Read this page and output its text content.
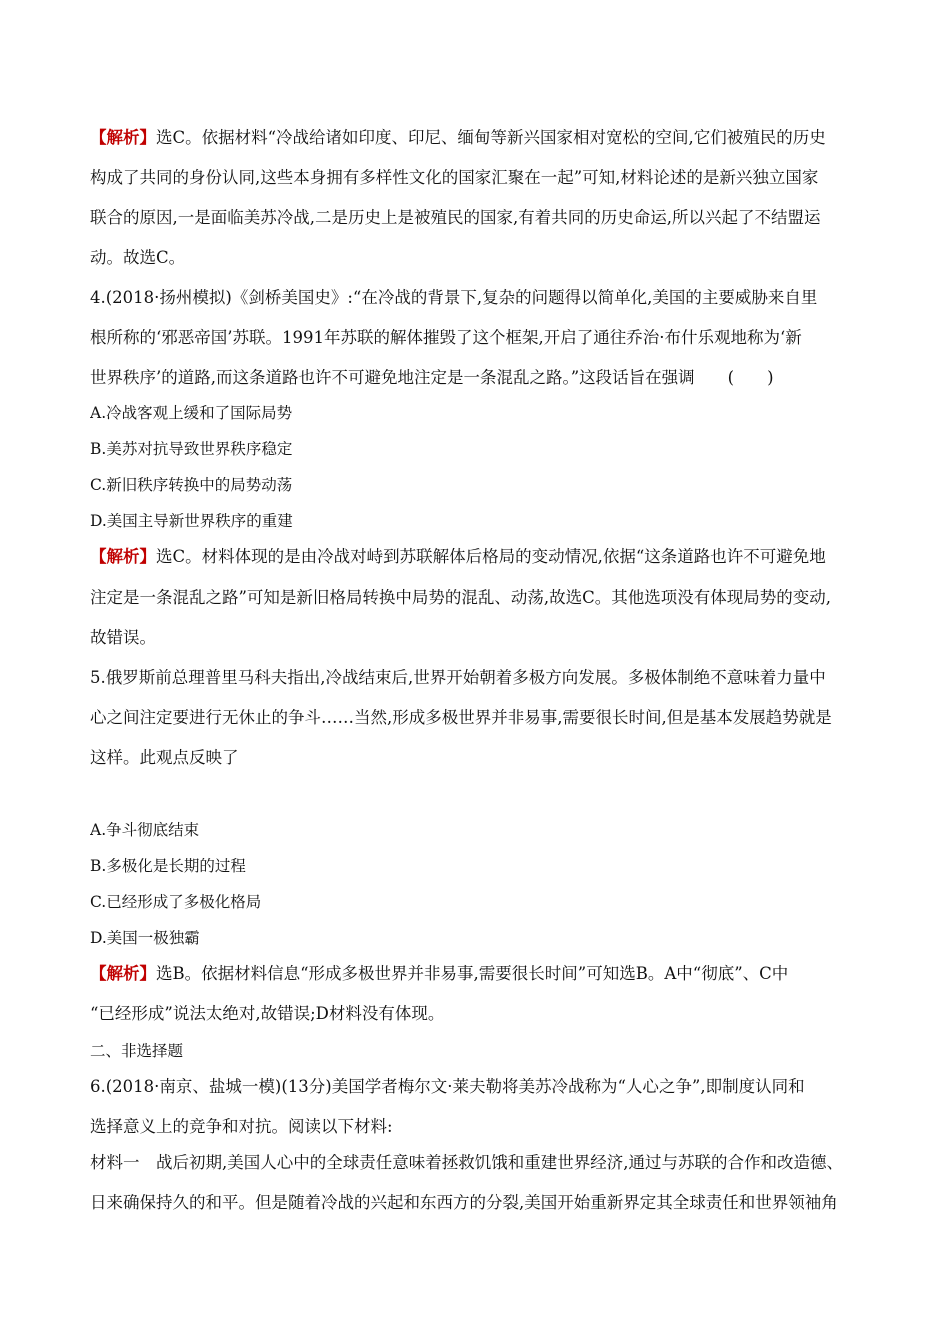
【解析】选C。依据材料“冷战给诸如印度、印尼、缅甸等新兴国家相对宽松的空间,它们被殖民的历史
构成了共同的身份认同,这些本身拥有多样性文化的国家汇聚在一起”可知,材料论述的是新兴独立国家
联合的原因,一是面临美苏冷战,二是历史上是被殖民的国家,有着共同的历史命运,所以兴起了不结盟运
动。故选C。
4.(2018·扬州模拟)《剑桥美国史》:“在冷战的背景下,复杂的问题得以简单化,美国的主要威胁来自里
根所称的‘邪恶帝国’苏联。1991年苏联的解体摧毁了这个框架,开启了通往乔治·布什乐观地称为‘新
世界秩序’的道路,而这条道路也许不可避免地注定是一条混乱之路。”这段话旨在强调　　(　　)
A.冷战客观上缓和了国际局势
B.美苏对抗导致世界秩序稳定
C.新旧秩序转换中的局势动荡
D.美国主导新世界秩序的重建
【解析】选C。材料体现的是由冷战对峙到苏联解体后格局的变动情况,依据“这条道路也许不可避免地
注定是一条混乱之路”可知是新旧格局转换中局势的混乱、动荡,故选C。其他选项没有体现局势的变动,
故错误。
5.俄罗斯前总理普里马科夫指出,冷战结束后,世界开始朝着多极方向发展。多极体制绝不意味着力量中
心之间注定要进行无休止的争斗……当然,形成多极世界并非易事,需要很长时间,但是基本发展趋势就是
这样。此观点反映了
A.争斗彻底结束
B.多极化是长期的过程
C.已经形成了多极化格局
D.美国一极独霸
【解析】选B。依据材料信息“形成多极世界并非易事,需要很长时间”可知选B。A中“彻底”、C中
“已经形成”说法太绝对,故错误;D材料没有体现。
二、非选择题
6.(2018·南京、盐城一模)(13分)美国学者梅尔文·莱夫勒将美苏冷战称为“人心之争”,即制度认同和
选择意义上的竞争和对抗。阅读以下材料:
材料一　战后初期,美国人心中的全球责任意味着拯救饥饿和重建世界经济,通过与苏联的合作和改造德、
日来确保持久的和平。但是随着冷战的兴起和东西方的分裂,美国开始重新界定其全球责任和世界领袖角
